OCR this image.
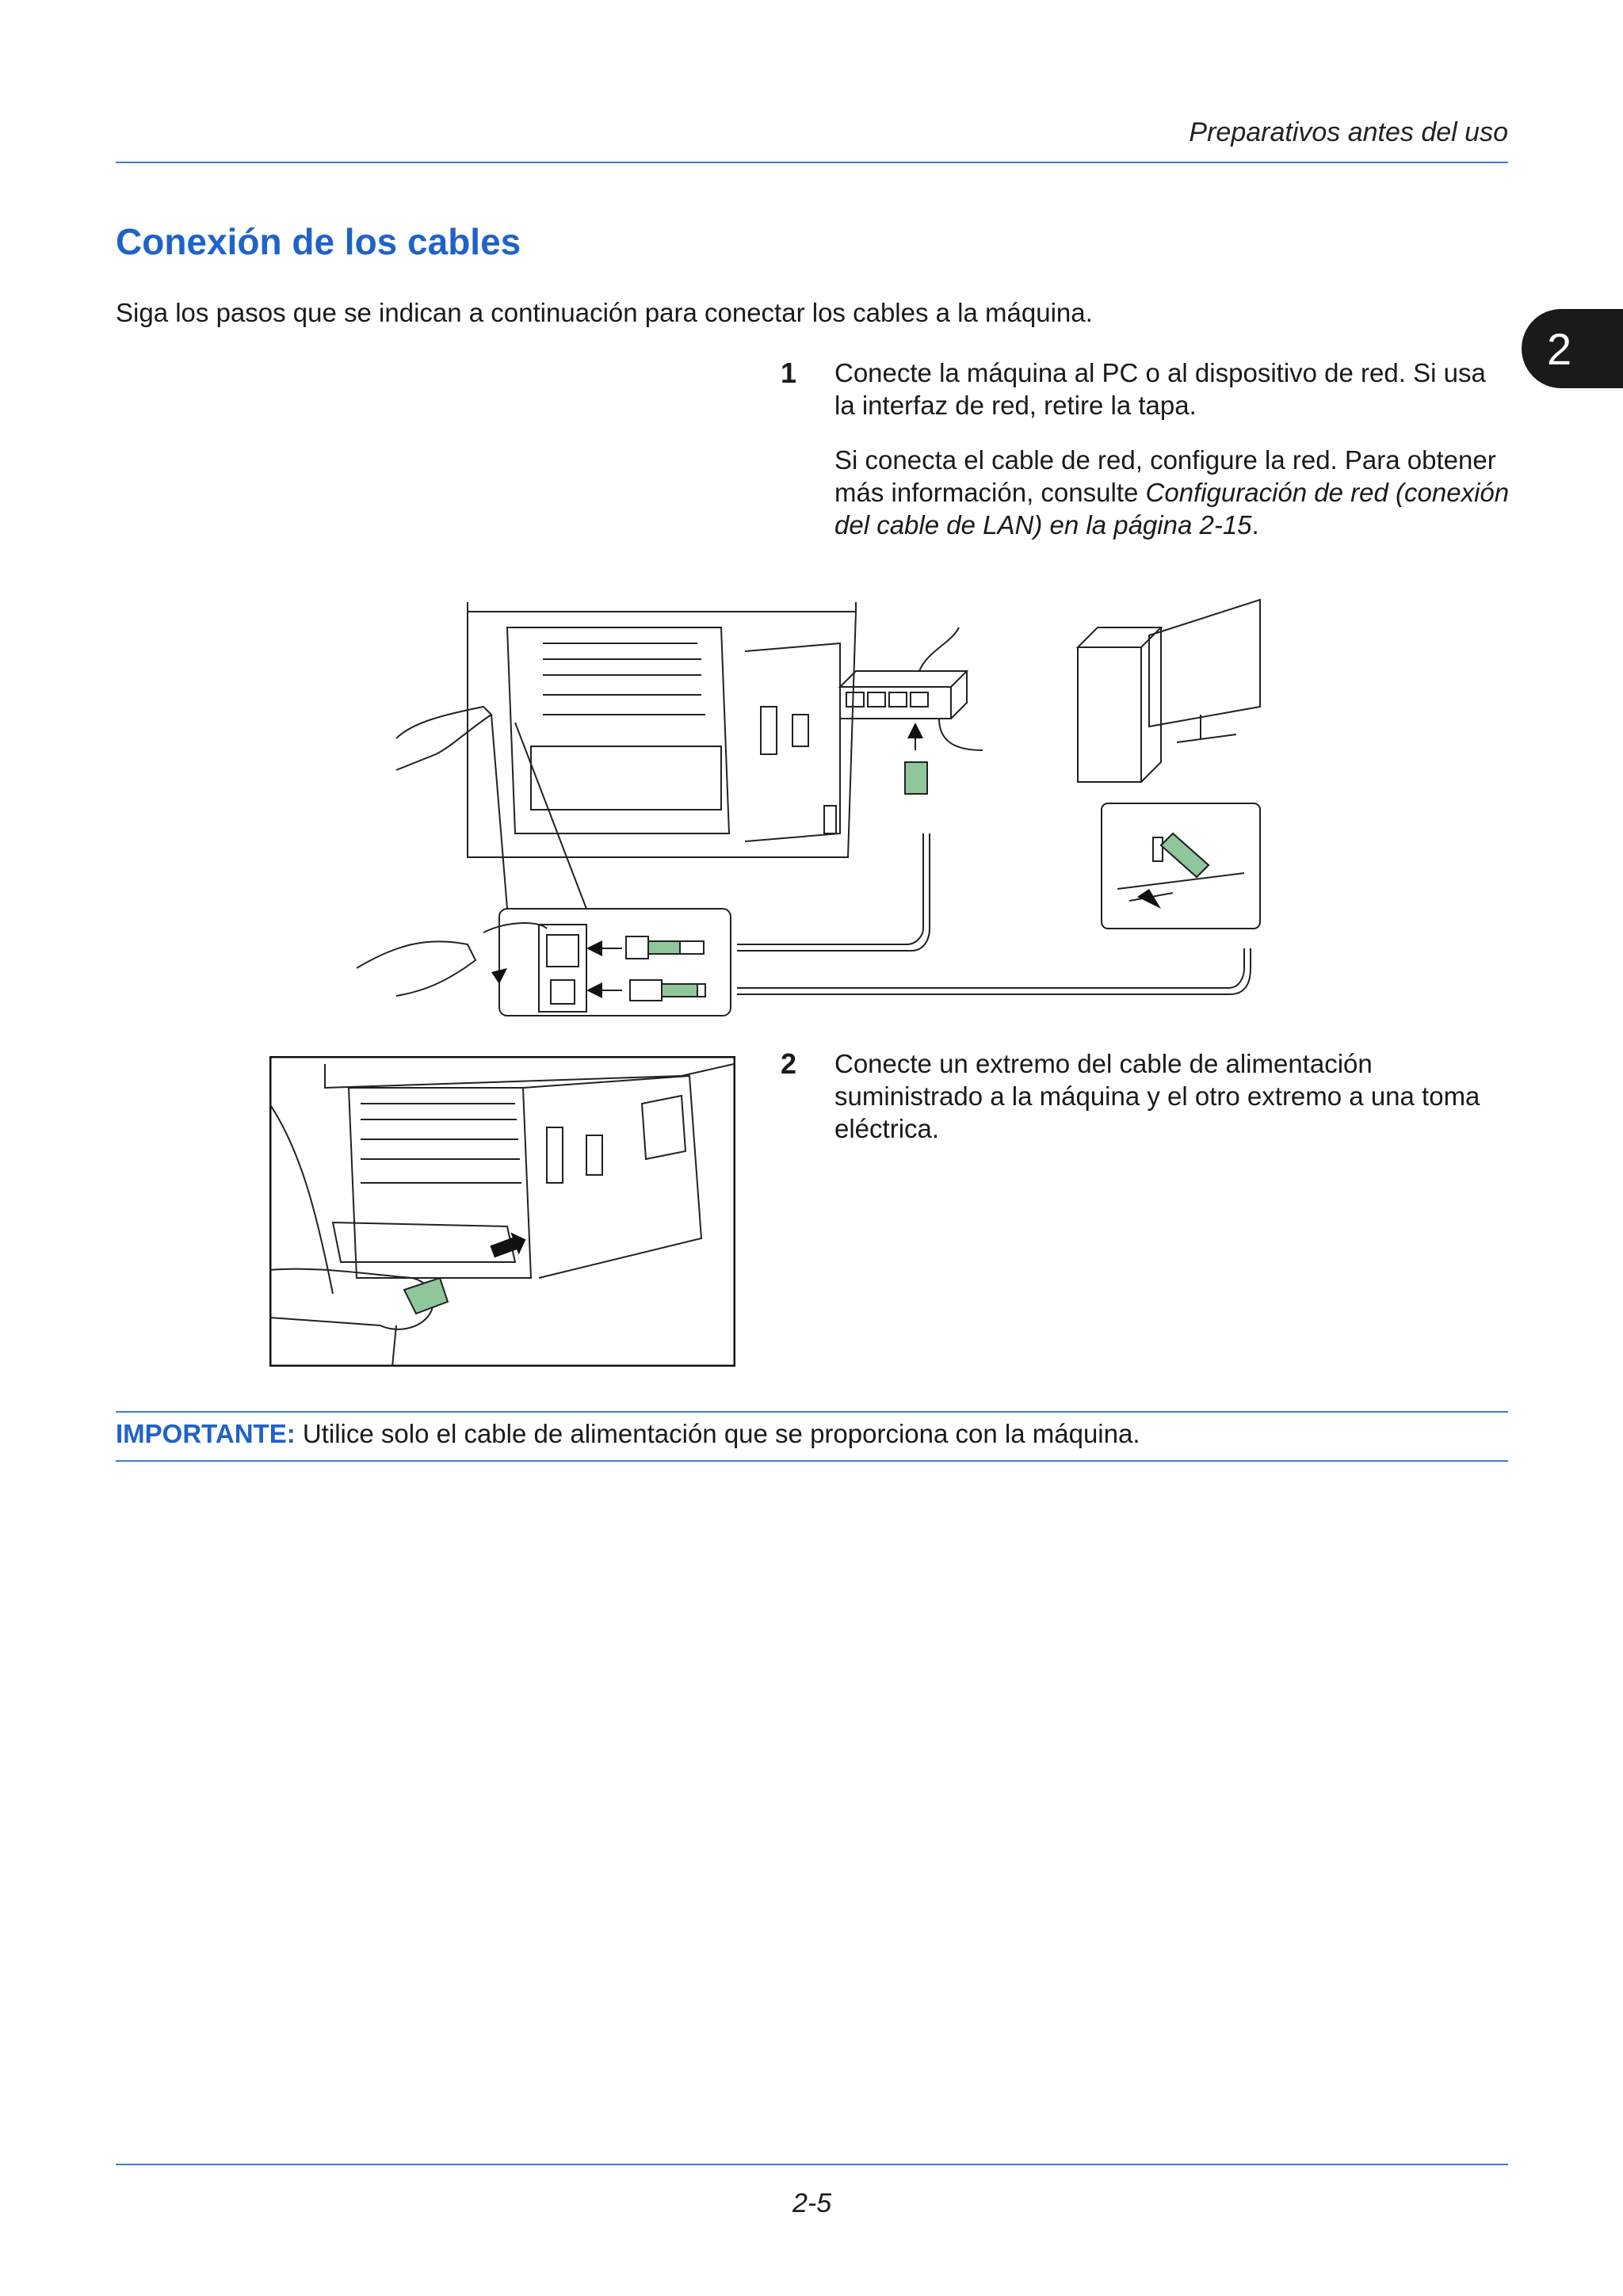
Preparativos antes del uso
2
Conexión de los cables

Siga los pasos que se indican a continuación para conectar los cables a la máquina.

1 Conecte la máquina al PC o al dispositivo de red. Si usa la interfaz de red, retire la tapa.

Si conecta el cable de red, configure la red. Para obtener más información, consulte Configuración de red (conexión del cable de LAN) en la página 2-15.

2 Conecte un extremo del cable de alimentación suministrado a la máquina y el otro extremo a una toma eléctrica.

IMPORTANTE: Utilice solo el cable de alimentación que se proporciona con la máquina.
2-5
